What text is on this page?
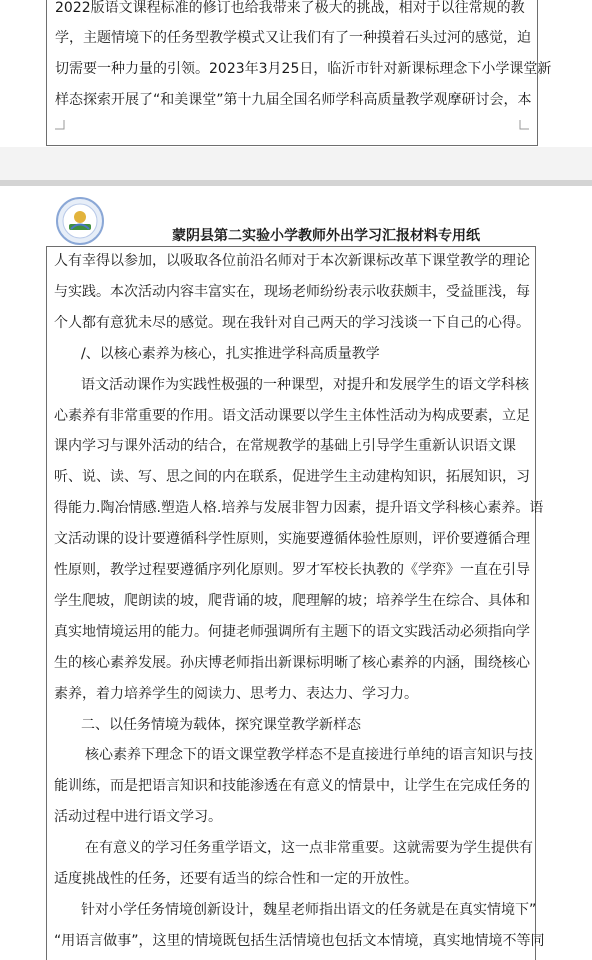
2022版语文课程标准的修订也给我带来了极大的挑战，相对于以往常规的教
学，主题情境下的任务型教学模式又让我们有了一种摸着石头过河的感觉，迫
切需要一种力量的引领。2023年3月25日，临沂市针对新课标理念下小学课堂新
样态探索开展了“和美课堂”第十九届全国名师学科高质量教学观摩研讨会，本
人有幸得以参加，以吸取各位前沿名师对于本次新课标改革下课堂教学的理论
与实践。本次活动内容丰富实在，现场老师纷纷表示收获颇丰，受益匪浅，每
个人都有意犹未尽的感觉。现在我针对自己两天的学习浅谈一下自己的心得。
/、以核心素养为核心，扎实推进学科高质量教学
语文活动课作为实践性极强的一种课型，对提升和发展学生的语文学科核
心素养有非常重要的作用。语文活动课要以学生主体性活动为构成要素，立足
课内学习与课外活动的结合，在常规教学的基础上引导学生重新认识语文课
听、说、读、写、思之间的内在联系，促进学生主动建构知识，拓展知识，习
得能力.陶冶情感.塑造人格.培养与发展非智力因素，提升语文学科核心素养。语
文活动课的设计要遵循科学性原则，实施要遵循体验性原则，评价要遵循合理
性原则，教学过程要遵循序列化原则。罗才军校长执教的《学弈》一直在引导
学生爬坡，爬朗读的坡，爬背诵的坡，爬理解的坡；培养学生在综合、具体和
真实地情境运用的能力。何捷老师强调所有主题下的语文实践活动必须指向学
生的核心素养发展。孙庆博老师指出新课标明晰了核心素养的内涵，围绕核心
素养，着力培养学生的阅读力、思考力、表达力、学习力。
二、以任务情境为载体，探究课堂教学新样态
核心素养下理念下的语文课堂教学样态不是直接进行单纯的语言知识与技
能训练，而是把语言知识和技能渗透在有意义的情景中，让学生在完成任务的
活动过程中进行语文学习。
在有意义的学习任务重学语文，这一点非常重要。这就需要为学生提供有
适度挑战性的任务，还要有适当的综合性和一定的开放性。
针对小学任务情境创新设计，魏星老师指出语文的任务就是在真实情境下”
“用语言做事”，这里的情境既包括生活情境也包括文本情境，真实地情境不等同
蒙阴县第二实验小学教师外出学习汇报材料专用纸
